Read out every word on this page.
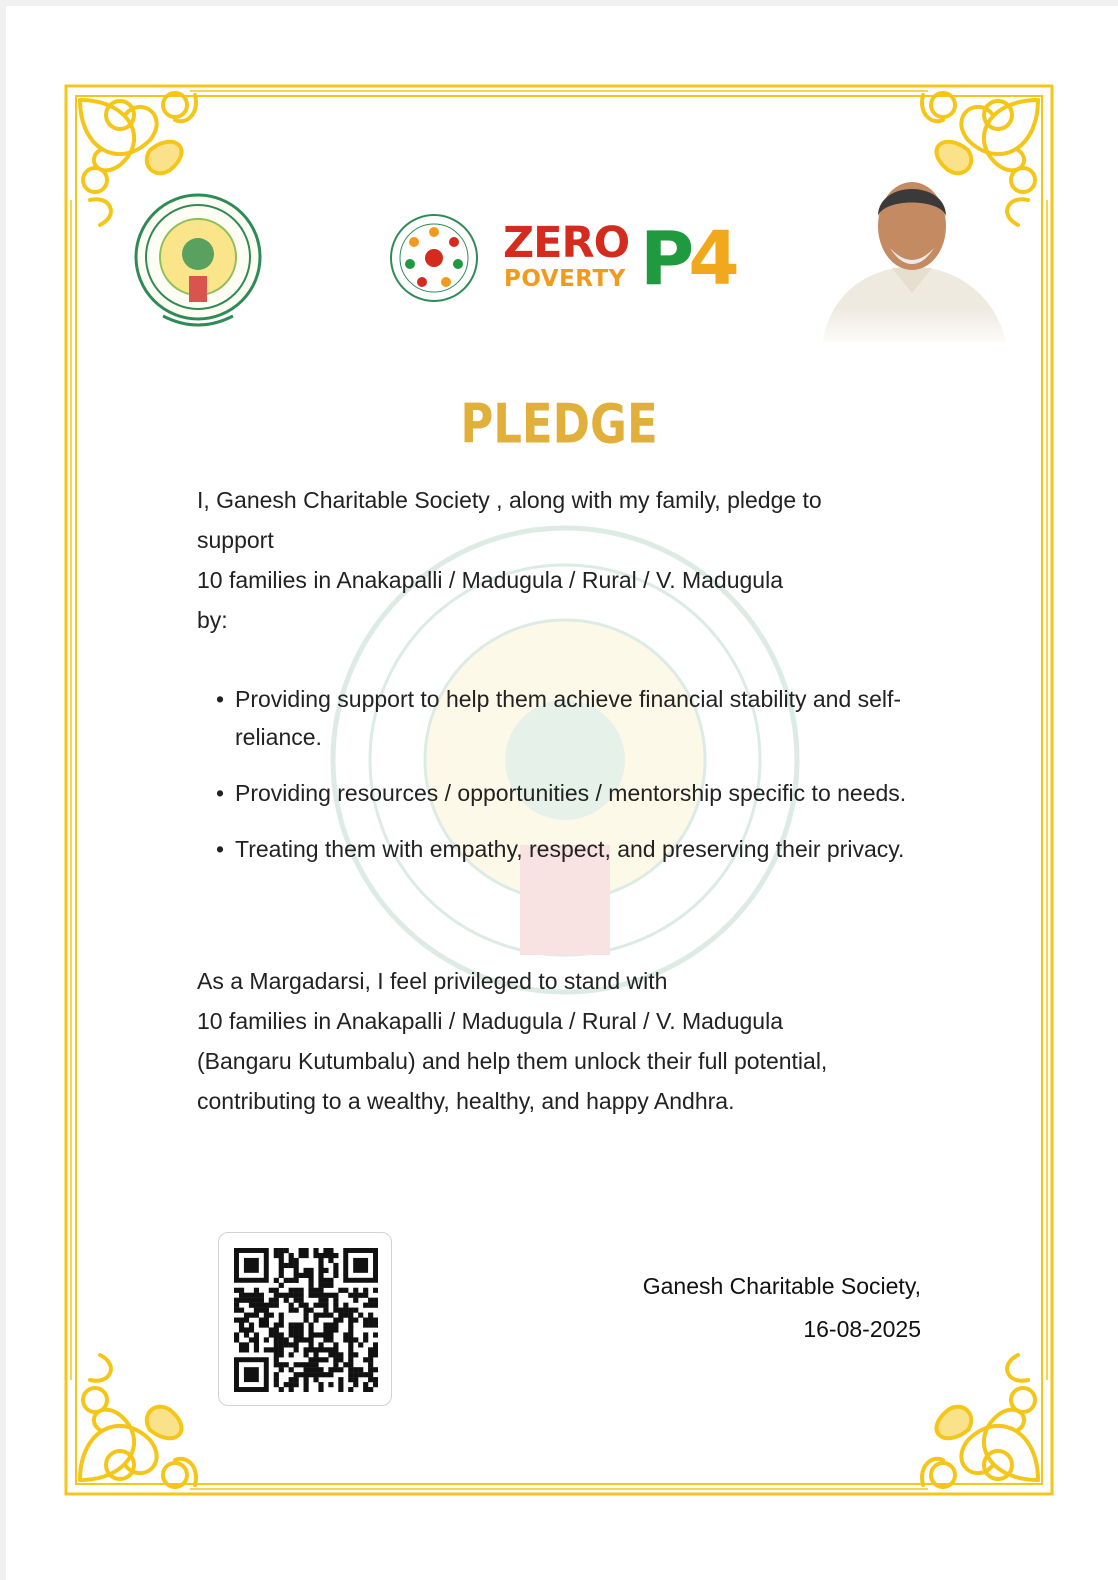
ZERO
POVERTY P4
PLEDGE

I, Ganesh Charitable Society , along with my family, pledge to
support
10 families in Anakapalli / Madugula / Rural / V. Madugula
by:

• Providing support to help them achieve financial stability and self-reliance.
• Providing resources / opportunities / mentorship specific to needs.
• Treating them with empathy, respect, and preserving their privacy.

As a Margadarsi, I feel privileged to stand with
10 families in Anakapalli / Madugula / Rural / V. Madugula
(Bangaru Kutumbalu) and help them unlock their full potential,
contributing to a wealthy, healthy, and happy Andhra.

Ganesh Charitable Society,
16-08-2025
